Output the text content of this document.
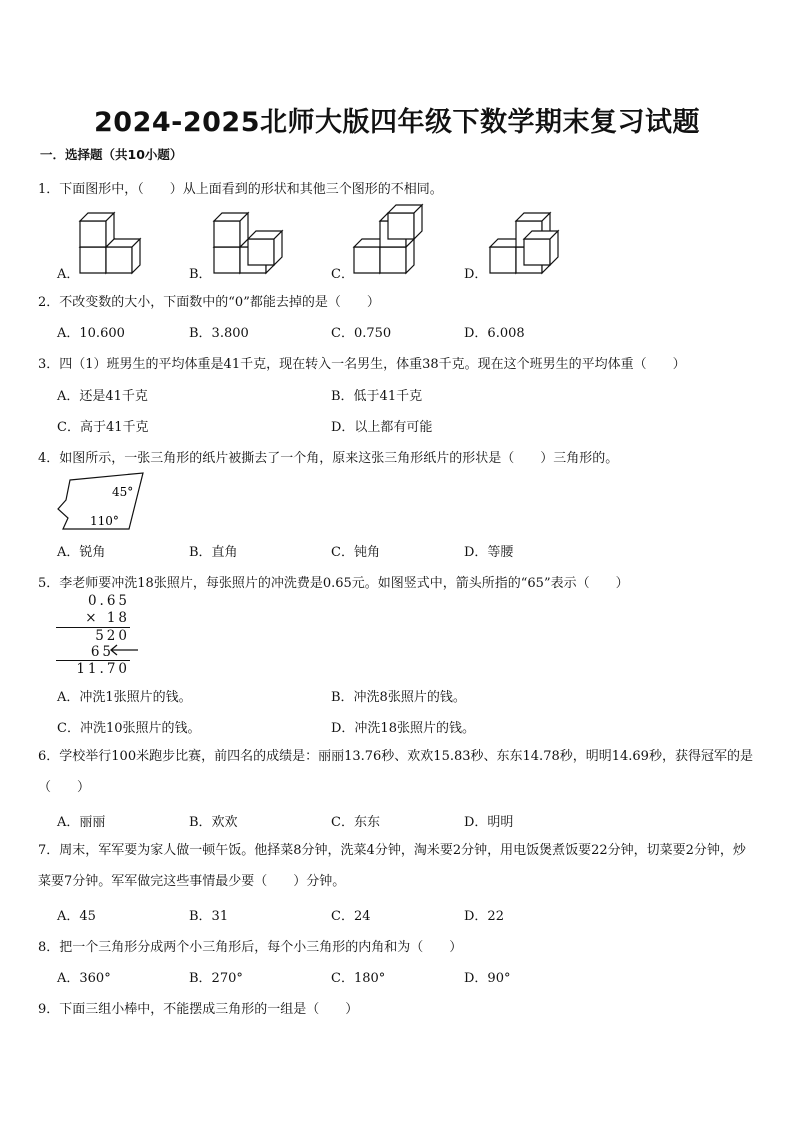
2024-2025北师大版四年级下数学期末复习试题
一．选择题（共10小题）
1．下面图形中，（　　）从上面看到的形状和其他三个图形的不相同。
A．	B．	C．	D．
2．不改变数的大小，下面数中的“0”都能去掉的是（　　）
A．10.600	B．3.800	C．0.750	D．6.008
3．四（1）班男生的平均体重是41千克，现在转入一名男生，体重38千克。现在这个班男生的平均体重（　　）
A．还是41千克	B．低于41千克
C．高于41千克	D．以上都有可能
4．如图所示，一张三角形的纸片被撕去了一个角，原来这张三角形纸片的形状是（　　）三角形的。
45°
110°
A．锐角	B．直角	C．钝角	D．等腰
5．李老师要冲洗18张照片，每张照片的冲洗费是0.65元。如图竖式中，箭头所指的“65”表示（　　）
0.65
× 18
520
65
11.70
A．冲洗1张照片的钱。	B．冲洗8张照片的钱。
C．冲洗10张照片的钱。	D．冲洗18张照片的钱。
6．学校举行100米跑步比赛，前四名的成绩是：丽丽13.76秒、欢欢15.83秒、东东14.78秒，明明14.69秒，获得冠军的是（　　）
A．丽丽	B．欢欢	C．东东	D．明明
7．周末，军军要为家人做一顿午饭。他择菜8分钟，洗菜4分钟，淘米要2分钟，用电饭煲煮饭要22分钟，切菜要2分钟，炒菜要7分钟。军军做完这些事情最少要（　　）分钟。
A．45	B．31	C．24	D．22
8．把一个三角形分成两个小三角形后，每个小三角形的内角和为（　　）
A．360°	B．270°	C．180°	D．90°
9．下面三组小棒中，不能摆成三角形的一组是（　　）
